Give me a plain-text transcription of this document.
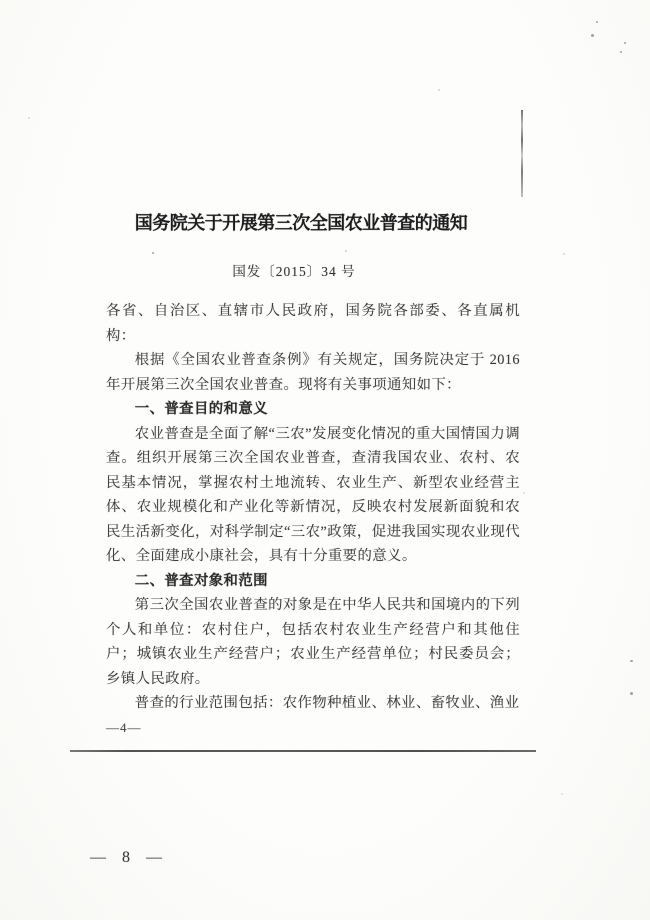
国务院关于开展第三次全国农业普查的通知
国发〔2015〕34 号

各省、自治区、直辖市人民政府，国务院各部委、各直属机构：

根据《全国农业普查条例》有关规定，国务院决定于 2016 年开展第三次全国农业普查。现将有关事项通知如下：

一、普查目的和意义

农业普查是全面了解“三农”发展变化情况的重大国情国力调查。组织开展第三次全国农业普查，查清我国农业、农村、农民基本情况，掌握农村土地流转、农业生产、新型农业经营主体、农业规模化和产业化等新情况，反映农村发展新面貌和农民生活新变化，对科学制定“三农”政策，促进我国实现农业现代化、全面建成小康社会，具有十分重要的意义。

二、普查对象和范围

第三次全国农业普查的对象是在中华人民共和国境内的下列个人和单位：农村住户，包括农村农业生产经营户和其他住户；城镇农业生产经营户；农业生产经营单位；村民委员会；乡镇人民政府。

普查的行业范围包括：农作物种植业、林业、畜牧业、渔业

—4—
— 8 —
